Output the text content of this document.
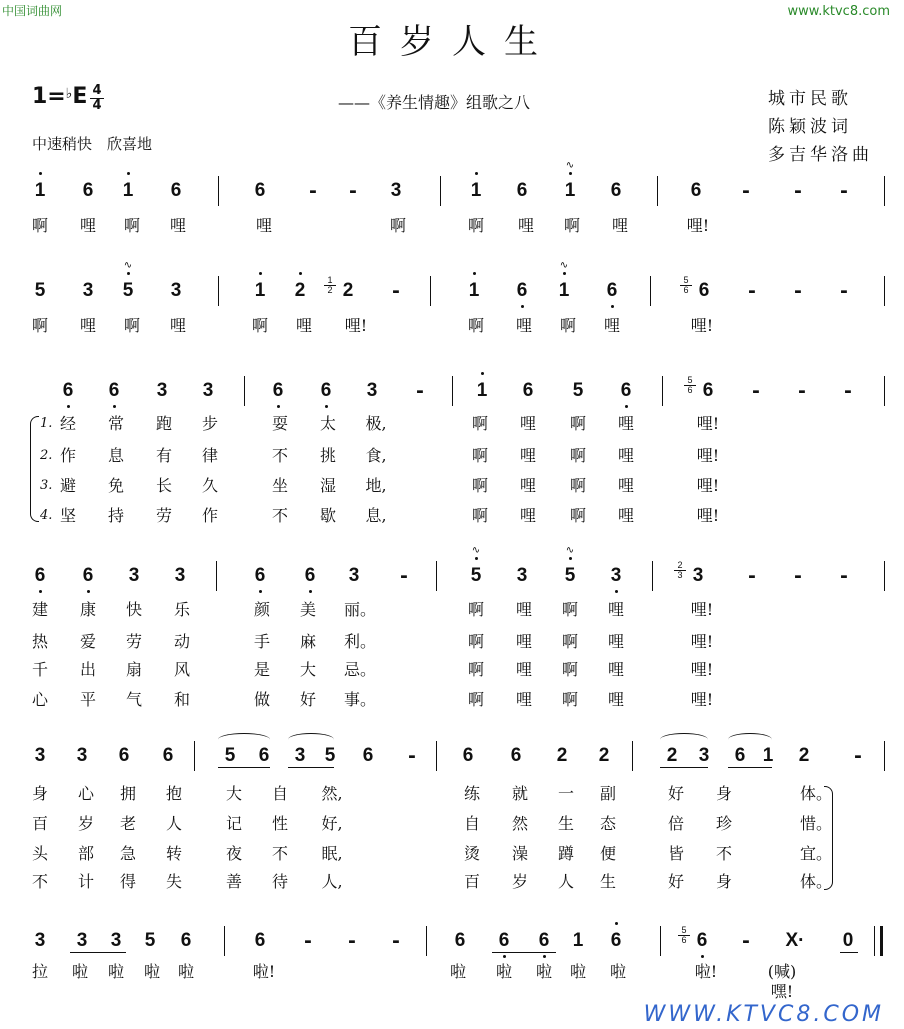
中国词曲网	www.ktvc8.com
百岁人生
——《养生情趣》组歌之八
1=♭E 4
4
中速稍快　欣喜地
城市民歌
陈颖波词
多吉华洛曲
1 6 1 6	6 - - 3	1 6 1
∿
6	6 - - -
啊 哩 啊 哩	哩	啊	啊 哩 啊 哩	哩!
5 3 5
∿
3	1 2 2
1
2	-	1 6 1
∿
6	6
5
6	- - -
啊 哩 啊 哩	啊 哩 哩!	啊 哩 啊 哩	哩!
6 6 3 3	6 6 3 -	1 6 5 6	6
5
6	- - -
1. 经 常 跑 步	耍 太 极,	啊 哩 啊 哩	哩!
2. 作 息 有 律	不 挑 食,	啊 哩 啊 哩	哩!
3. 避 免 长 久	坐 湿 地,	啊 哩 啊 哩	哩!
4. 坚 持 劳 作	不 歇 息,	啊 哩 啊 哩	哩!
6 6 3 3	6 6 3 -	5
∿
3 5
∿
3	3
2
3	- - -
建 康 快 乐	颜 美 丽。	啊 哩 啊 哩	哩!
热 爱 劳 动	手 麻 利。	啊 哩 啊 哩	哩!
千 出 扇 风	是 大 忌。	啊 哩 啊 哩	哩!
心 平 气 和	做 好 事。	啊 哩 啊 哩	哩!
3 3 6 6	5 6 3 5 6 - 6 6 2 2	2 3 6 1 2 -
身 心 拥 抱	大 自 然,	练 就 一 副	好 身	体。
百 岁 老 人	记 性 好,	自 然 生 态	倍 珍	惜。
头 部 急 转	夜 不 眠,	烫 澡 蹲 便	皆 不	宜。
不 计 得 失	善 待 人,	百 岁 人 生	好 身	体。
3 3 3 5 6	6 - - -	6 6 6 1 6	6
5
6	- X· 0
拉 啦 啦 啦 啦	啦!	啦 啦 啦 啦 啦	啦!	(喊)嘿!
WWW.KTVC8.COM
